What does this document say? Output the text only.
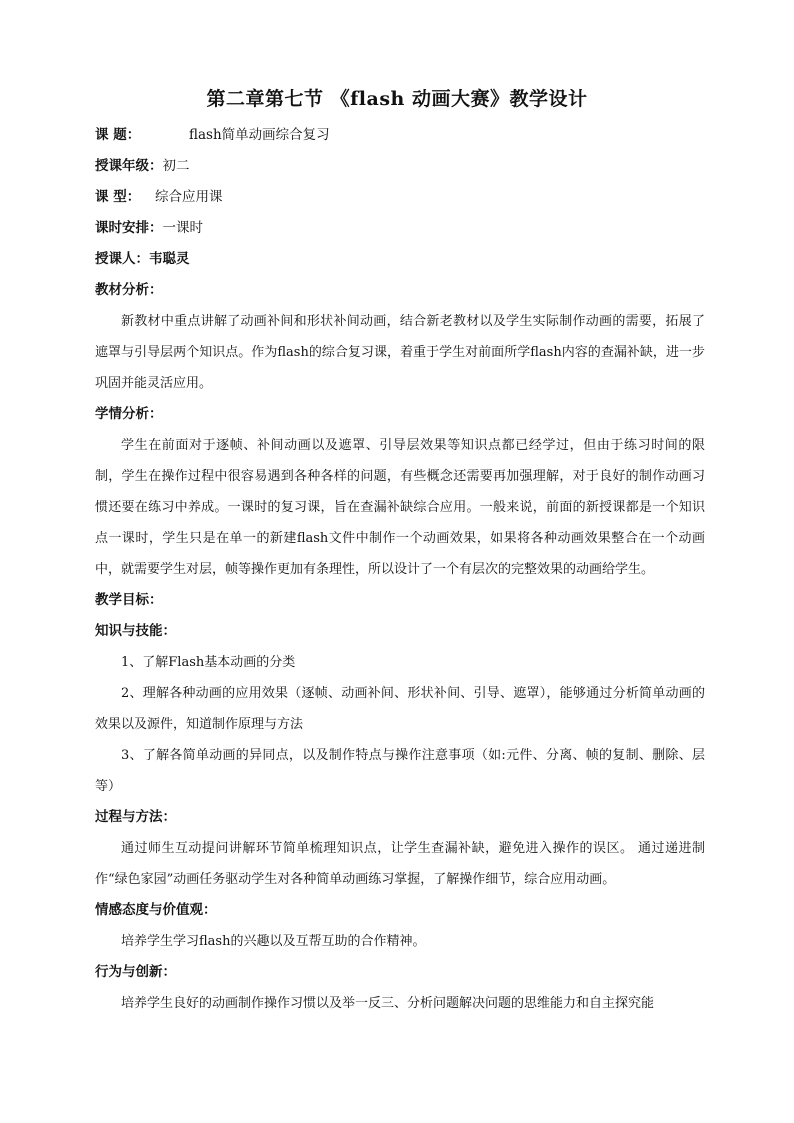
第二章第七节 《flash 动画大赛》教学设计
课 题：	flash简单动画综合复习
授课年级：初二
课 型： 综合应用课
课时安排：一课时
授课人：韦聪灵
教材分析：

新教材中重点讲解了动画补间和形状补间动画，结合新老教材以及学生实际制作动画的需要，拓展了遮罩与引导层两个知识点。作为flash的综合复习课，着重于学生对前面所学flash内容的查漏补缺，进一步巩固并能灵活应用。

学情分析：

学生在前面对于逐帧、补间动画以及遮罩、引导层效果等知识点都已经学过，但由于练习时间的限制，学生在操作过程中很容易遇到各种各样的问题，有些概念还需要再加强理解，对于良好的制作动画习惯还要在练习中养成。一课时的复习课，旨在查漏补缺综合应用。一般来说，前面的新授课都是一个知识点一课时，学生只是在单一的新建flash文件中制作一个动画效果，如果将各种动画效果整合在一个动画中，就需要学生对层，帧等操作更加有条理性，所以设计了一个有层次的完整效果的动画给学生。

教学目标：
知识与技能：

1、了解Flash基本动画的分类

2、理解各种动画的应用效果（逐帧、动画补间、形状补间、引导、遮罩），能够通过分析简单动画的效果以及源件，知道制作原理与方法

3、了解各简单动画的异同点，以及制作特点与操作注意事项（如:元件、分离、帧的复制、删除、层等）

过程与方法：

通过师生互动提问讲解环节简单梳理知识点，让学生查漏补缺，避免进入操作的误区。 通过递进制作“绿色家园”动画任务驱动学生对各种简单动画练习掌握，了解操作细节，综合应用动画。

情感态度与价值观：

培养学生学习flash的兴趣以及互帮互助的合作精神。

行为与创新：

培养学生良好的动画制作操作习惯以及举一反三、分析问题解决问题的思维能力和自主探究能
